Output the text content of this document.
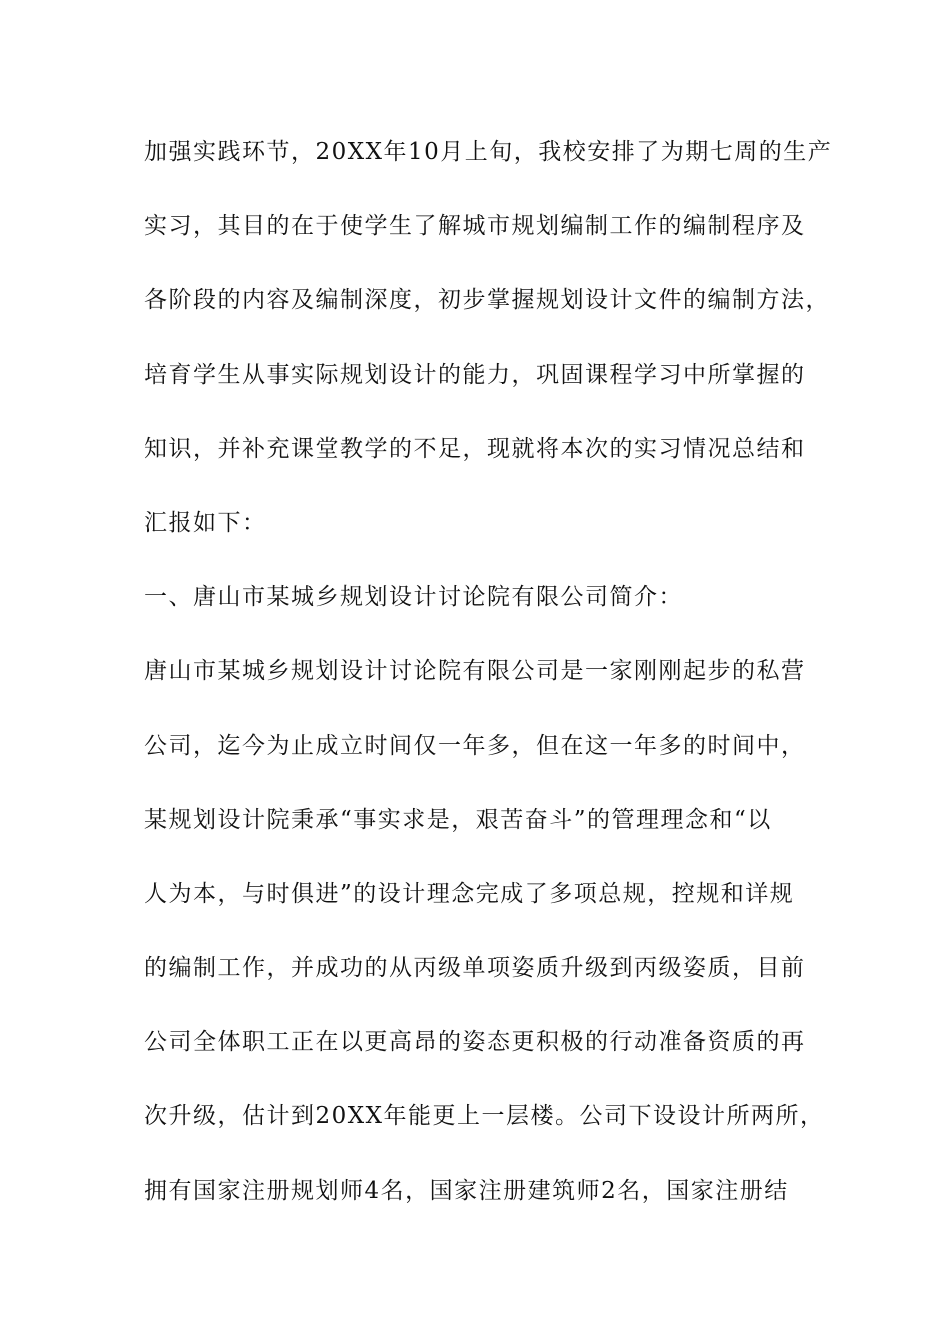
加强实践环节，20XX年10月上旬，我校安排了为期七周的生产
实习，其目的在于使学生了解城市规划编制工作的编制程序及
各阶段的内容及编制深度，初步掌握规划设计文件的编制方法，
培育学生从事实际规划设计的能力，巩固课程学习中所掌握的
知识，并补充课堂教学的不足，现就将本次的实习情况总结和
汇报如下：
一、唐山市某城乡规划设计讨论院有限公司简介：
唐山市某城乡规划设计讨论院有限公司是一家刚刚起步的私营
公司，迄今为止成立时间仅一年多，但在这一年多的时间中，
某规划设计院秉承“事实求是，艰苦奋斗”的管理理念和“以
人为本，与时俱进”的设计理念完成了多项总规，控规和详规
的编制工作，并成功的从丙级单项姿质升级到丙级姿质，目前
公司全体职工正在以更高昂的姿态更积极的行动准备资质的再
次升级，估计到20XX年能更上一层楼。公司下设设计所两所，
拥有国家注册规划师4名，国家注册建筑师2名，国家注册结
